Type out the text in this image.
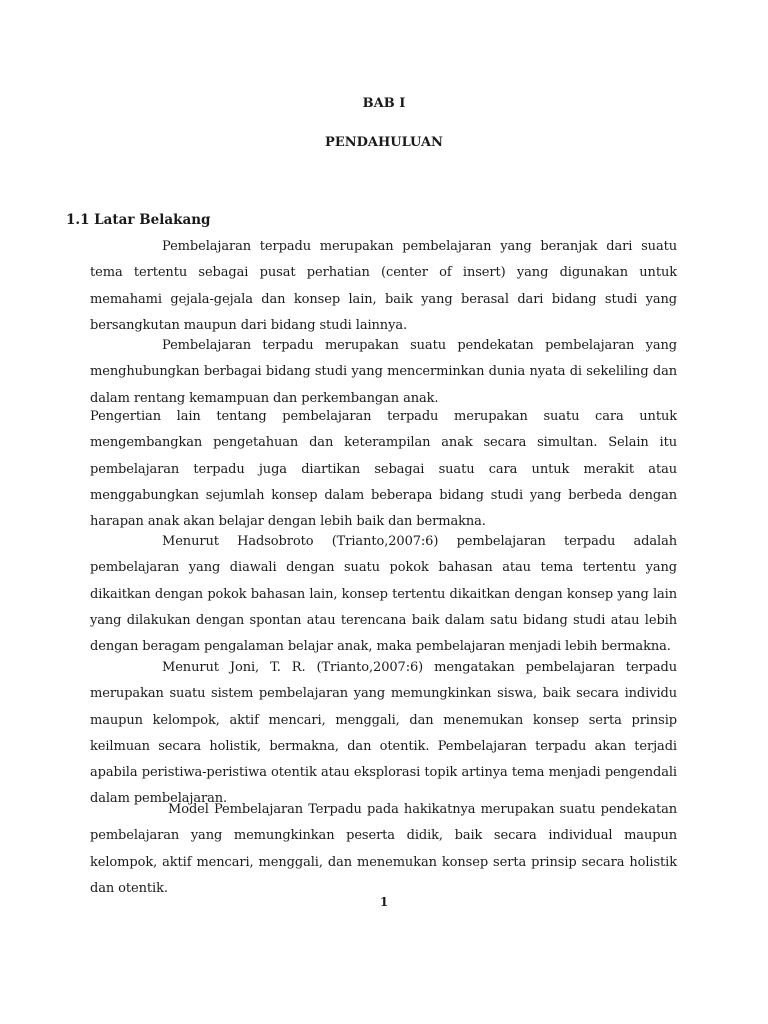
BAB I
PENDAHULUAN
1.1 Latar Belakang

Pembelajaran terpadu merupakan pembelajaran yang beranjak dari suatu tema tertentu sebagai pusat perhatian (center of insert) yang digunakan untuk memahami gejala-gejala dan konsep lain, baik yang berasal dari bidang studi yang bersangkutan maupun dari bidang studi lainnya.

Pembelajaran terpadu merupakan suatu pendekatan pembelajaran yang menghubungkan berbagai bidang studi yang mencerminkan dunia nyata di sekeliling dan dalam rentang kemampuan dan perkembangan anak.

Pengertian lain tentang pembelajaran terpadu merupakan suatu cara untuk mengembangkan pengetahuan dan keterampilan anak secara simultan. Selain itu pembelajaran terpadu juga diartikan sebagai suatu cara untuk merakit atau menggabungkan sejumlah konsep dalam beberapa bidang studi yang berbeda dengan harapan anak akan belajar dengan lebih baik dan bermakna.

Menurut Hadsobroto (Trianto,2007:6) pembelajaran terpadu adalah pembelajaran yang diawali dengan suatu pokok bahasan atau tema tertentu yang dikaitkan dengan pokok bahasan lain, konsep tertentu dikaitkan dengan konsep yang lain yang dilakukan dengan spontan atau terencana baik dalam satu bidang studi atau lebih dengan beragam pengalaman belajar anak, maka pembelajaran menjadi lebih bermakna.

Menurut Joni, T. R. (Trianto,2007:6) mengatakan pembelajaran terpadu merupakan suatu sistem pembelajaran yang memungkinkan siswa, baik secara individu maupun kelompok, aktif mencari, menggali, dan menemukan konsep serta prinsip keilmuan secara holistik, bermakna, dan otentik. Pembelajaran terpadu akan terjadi apabila peristiwa-peristiwa otentik atau eksplorasi topik artinya tema menjadi pengendali dalam pembelajaran.

Model Pembelajaran Terpadu pada hakikatnya merupakan suatu pendekatan pembelajaran yang memungkinkan peserta didik, baik secara individual maupun kelompok, aktif mencari, menggali, dan menemukan konsep serta prinsip secara holistik dan otentik.

1
